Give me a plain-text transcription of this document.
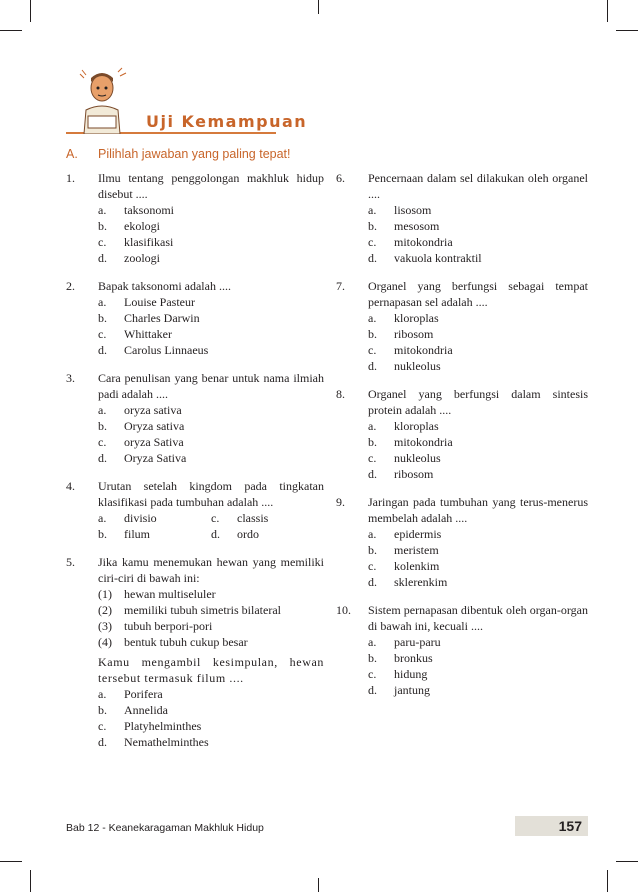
Uji Kemampuan
A. Pilihlah jawaban yang paling tepat!
1.	Ilmu tentang penggolongan makhluk hidup disebut ....
a.	taksonomi
b.	ekologi
c.	klasifikasi
d.	zoologi
2.	Bapak taksonomi adalah ....
a.	Louise Pasteur
b.	Charles Darwin
c.	Whittaker
d.	Carolus Linnaeus
3.	Cara penulisan yang benar untuk nama ilmiah padi adalah ....
a.	oryza sativa
b.	Oryza sativa
c.	oryza Sativa
d.	Oryza Sativa
4.	Urutan setelah kingdom pada tingkatan klasifikasi pada tumbuhan adalah ....
a.	divisio	c.	classis
b.	filum	d.	ordo
5.	Jika kamu menemukan hewan yang memiliki ciri-ciri di bawah ini:
(1)	hewan multiseluler
(2)	memiliki tubuh simetris bilateral
(3)	tubuh berpori-pori
(4)	bentuk tubuh cukup besar
Kamu mengambil kesimpulan, hewan tersebut termasuk filum ....
a.	Porifera
b.	Annelida
c.	Platyhelminthes
d.	Nemathelminthes
6.	Pencernaan dalam sel dilakukan oleh organel ....
a.	lisosom
b.	mesosom
c.	mitokondria
d.	vakuola kontraktil
7.	Organel yang berfungsi sebagai tempat pernapasan sel adalah ....
a.	kloroplas
b.	ribosom
c.	mitokondria
d.	nukleolus
8.	Organel yang berfungsi dalam sintesis protein adalah ....
a.	kloroplas
b.	mitokondria
c.	nukleolus
d.	ribosom
9.	Jaringan pada tumbuhan yang terus-menerus membelah adalah ....
a.	epidermis
b.	meristem
c.	kolenkim
d.	sklerenkim
10.	Sistem pernapasan dibentuk oleh organ-organ di bawah ini, kecuali ....
a.	paru-paru
b.	bronkus
c.	hidung
d.	jantung
Bab 12 - Keanekaragaman Makhluk Hidup	157
